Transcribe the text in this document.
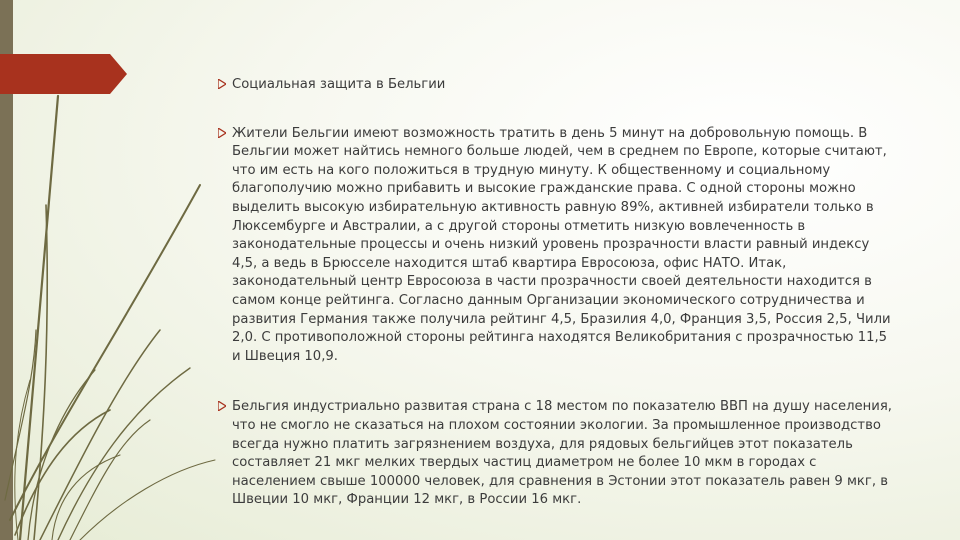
Социальная защита в Бельгии
Жители Бельгии имеют возможность тратить в день 5 минут на добровольную помощь. В Бельгии может найтись немного больше людей, чем в среднем по Европе, которые считают, что им есть на кого положиться в трудную минуту. К общественному и социальному благополучию можно прибавить и высокие гражданские права. С одной стороны можно выделить высокую избирательную активность равную 89%, активней избиратели только в Люксембурге и Австралии, а с другой стороны отметить низкую вовлеченность в законодательные процессы и очень низкий уровень прозрачности власти равный индексу 4,5, а ведь в Брюсселе находится штаб квартира Евросоюза, офис НАТО. Итак, законодательный центр Евросоюза в части прозрачности своей деятельности находится в самом конце рейтинга. Согласно данным Организации экономического сотрудничества и развития Германия также получила рейтинг 4,5, Бразилия 4,0, Франция 3,5, Россия 2,5, Чили 2,0. С противоположной стороны рейтинга находятся Великобритания с прозрачностью 11,5 и Швеция 10,9.
Бельгия индустриально развитая страна с 18 местом по показателю ВВП на душу населения, что не смогло не сказаться на плохом состоянии экологии. За промышленное производство всегда нужно платить загрязнением воздуха, для рядовых бельгийцев этот показатель составляет 21 мкг мелких твердых частиц диаметром не более 10 мкм в городах с населением свыше 100000 человек, для сравнения в Эстонии этот показатель равен 9 мкг, в Швеции 10 мкг, Франции 12 мкг, в России 16 мкг.
